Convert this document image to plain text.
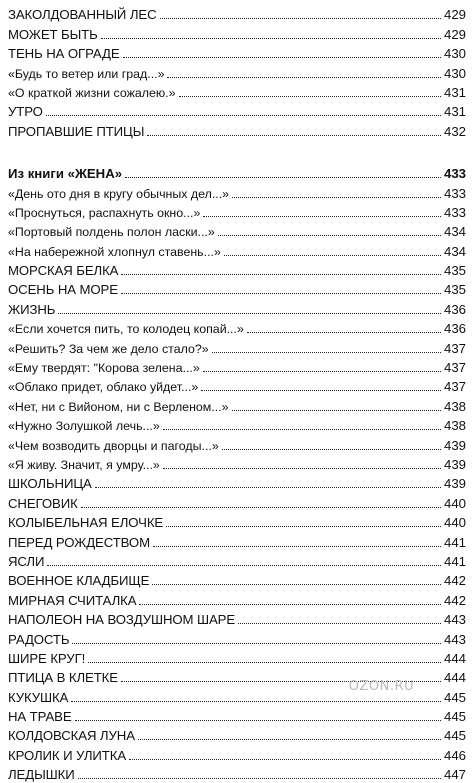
ЗАКОЛДОВАННЫЙ ЛЕС	429
МОЖЕТ БЫТЬ	429
ТЕНЬ НА ОГРАДЕ	430
«Будь то ветер или град...»	430
«О краткой жизни сожалею.»	431
УТРО	431
ПРОПАВШИЕ ПТИЦЫ	432
Из книги «ЖЕНА»	433
«День ото дня в кругу обычных дел...»	433
«Проснуться, распахнуть окно...»	433
«Портовый полдень полон ласки...»	434
«На набережной хлопнул ставень...»	434
МОРСКАЯ БЕЛКА	435
ОСЕНЬ НА МОРЕ	435
ЖИЗНЬ	436
«Если хочется пить, то колодец копай...»	436
«Решить? За чем же дело стало?»	437
«Ему твердят: "Корова зелена...»	437
«Облако придет, облако уйдет...»	437
«Нет, ни с Вийоном, ни с Верленом...»	438
«Нужно Золушкой лечь...»	438
«Чем возводить дворцы и пагоды...»	439
«Я живу. Значит, я умру...»	439
ШКОЛЬНИЦА	439
СНЕГОВИК	440
КОЛЫБЕЛЬНАЯ ЕЛОЧКЕ	440
ПЕРЕД РОЖДЕСТВОМ	441
ЯСЛИ	441
ВОЕННОЕ КЛАДБИЩЕ	442
МИРНАЯ СЧИТАЛКА	442
НАПОЛЕОН НА ВОЗДУШНОМ ШАРЕ	443
РАДОСТЬ	443
ШИРЕ КРУГ!	444
ПТИЦА В КЛЕТКЕ	444
КУКУШКА	445
НА ТРАВЕ	445
КОЛДОВСКАЯ ЛУНА	445
КРОЛИК И УЛИТКА	446
ЛЕДЫШКИ	447
OZON.RU
